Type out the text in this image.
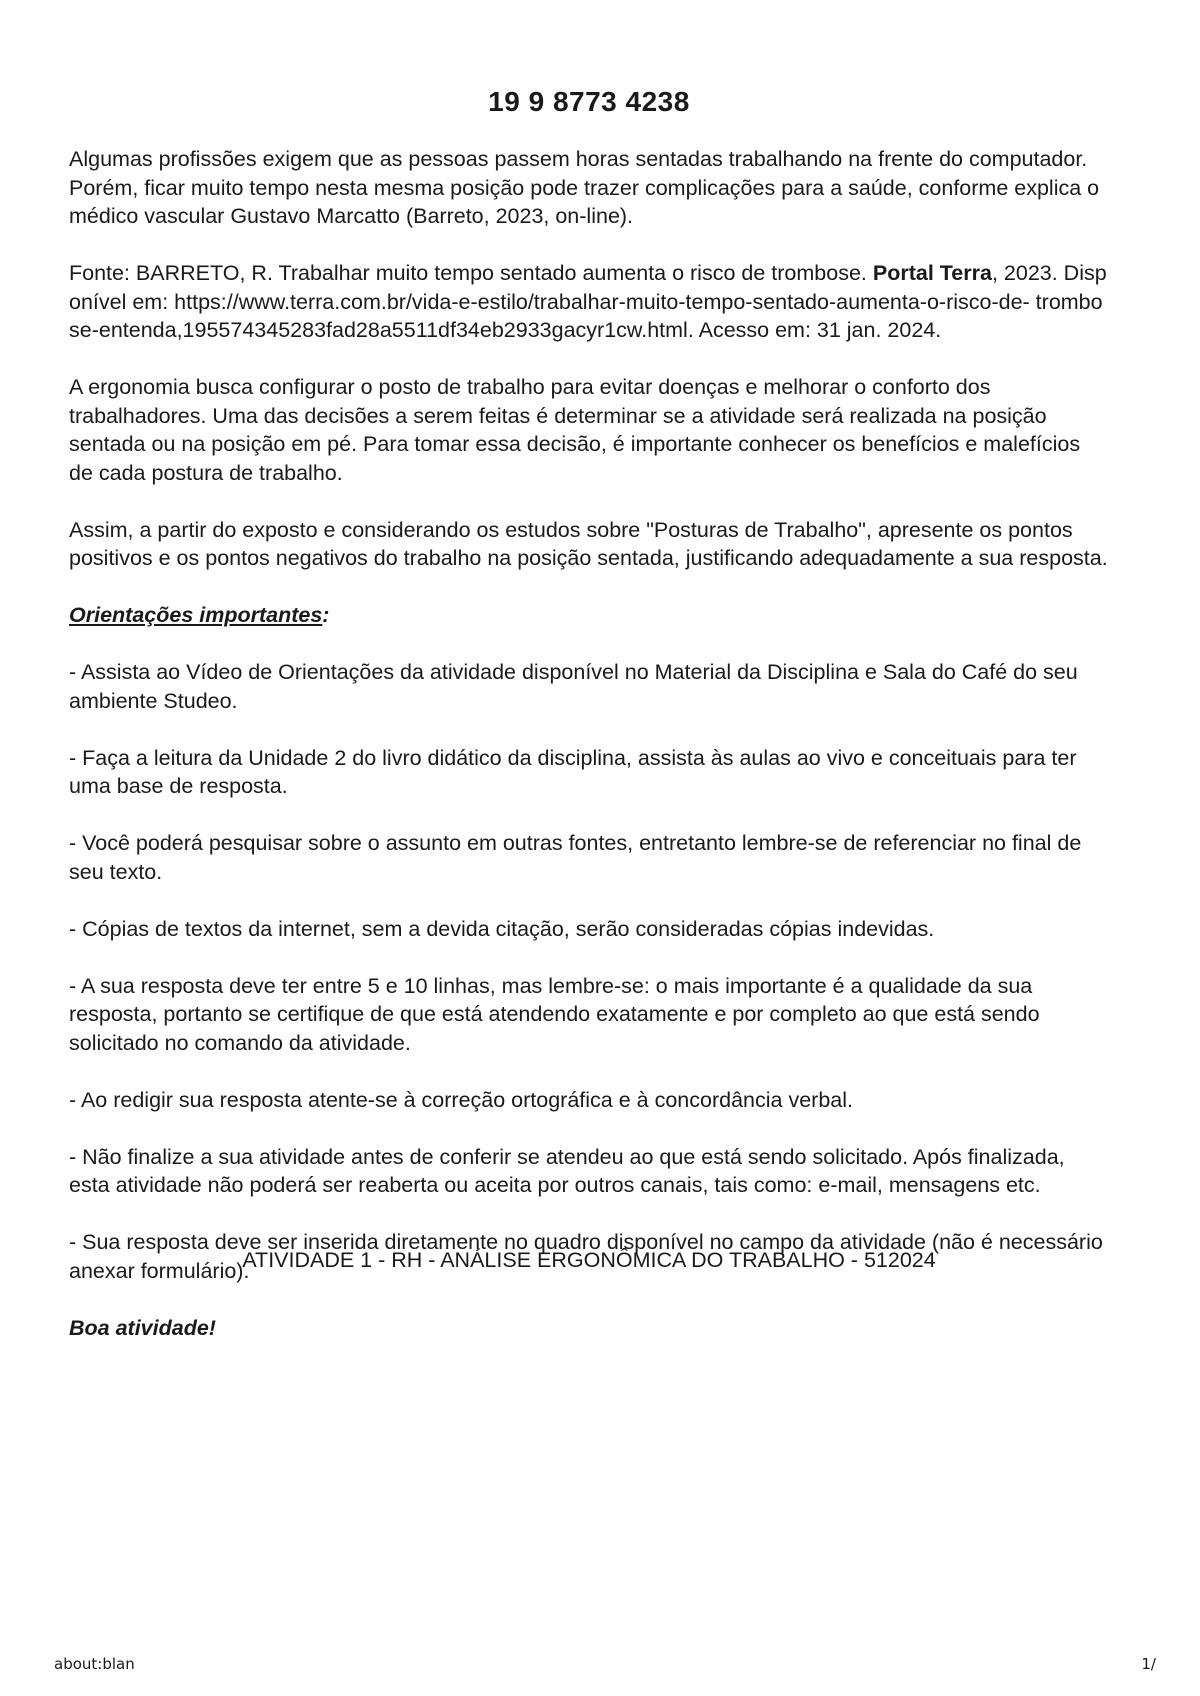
19 9 8773 4238

Algumas profissões exigem que as pessoas passem horas sentadas trabalhando na frente do computador. Porém, ficar muito tempo nesta mesma posição pode trazer complicações para a saúde, conforme explica o médico vascular Gustavo Marcatto (Barreto, 2023, on-line).

Fonte: BARRETO, R. Trabalhar muito tempo sentado aumenta o risco de trombose. Portal Terra, 2023. Disponível em: https://www.terra.com.br/vida-e-estilo/trabalhar-muito-tempo-sentado-aumenta-o-risco-de- trombose-entenda,195574345283fad28a5511df34eb2933gacyr1cw.html. Acesso em: 31 jan. 2024.

A ergonomia busca configurar o posto de trabalho para evitar doenças e melhorar o conforto dos trabalhadores. Uma das decisões a serem feitas é determinar se a atividade será realizada na posição sentada ou na posição em pé. Para tomar essa decisão, é importante conhecer os benefícios e malefícios de cada postura de trabalho.

Assim, a partir do exposto e considerando os estudos sobre "Posturas de Trabalho", apresente os pontos positivos e os pontos negativos do trabalho na posição sentada, justificando adequadamente a sua resposta.

Orientações importantes:

- Assista ao Vídeo de Orientações da atividade disponível no Material da Disciplina e Sala do Café do seu ambiente Studeo.

- Faça a leitura da Unidade 2 do livro didático da disciplina, assista às aulas ao vivo e conceituais para ter uma base de resposta.

- Você poderá pesquisar sobre o assunto em outras fontes, entretanto lembre-se de referenciar no final de seu texto.

- Cópias de textos da internet, sem a devida citação, serão consideradas cópias indevidas.

- A sua resposta deve ter entre 5 e 10 linhas, mas lembre-se: o mais importante é a qualidade da sua resposta, portanto se certifique de que está atendendo exatamente e por completo ao que está sendo solicitado no comando da atividade.

- Ao redigir sua resposta atente-se à correção ortográfica e à concordância verbal.

- Não finalize a sua atividade antes de conferir se atendeu ao que está sendo solicitado. Após finalizada, esta atividade não poderá ser reaberta ou aceita por outros canais, tais como: e-mail, mensagens etc.

- Sua resposta deve ser inserida diretamente no quadro disponível no campo da atividade (não é necessário anexar formulário).

Boa atividade!

ATIVIDADE 1 - RH - ANÁLISE ERGONÔMICA DO TRABALHO - 512024
about:blan	1/
